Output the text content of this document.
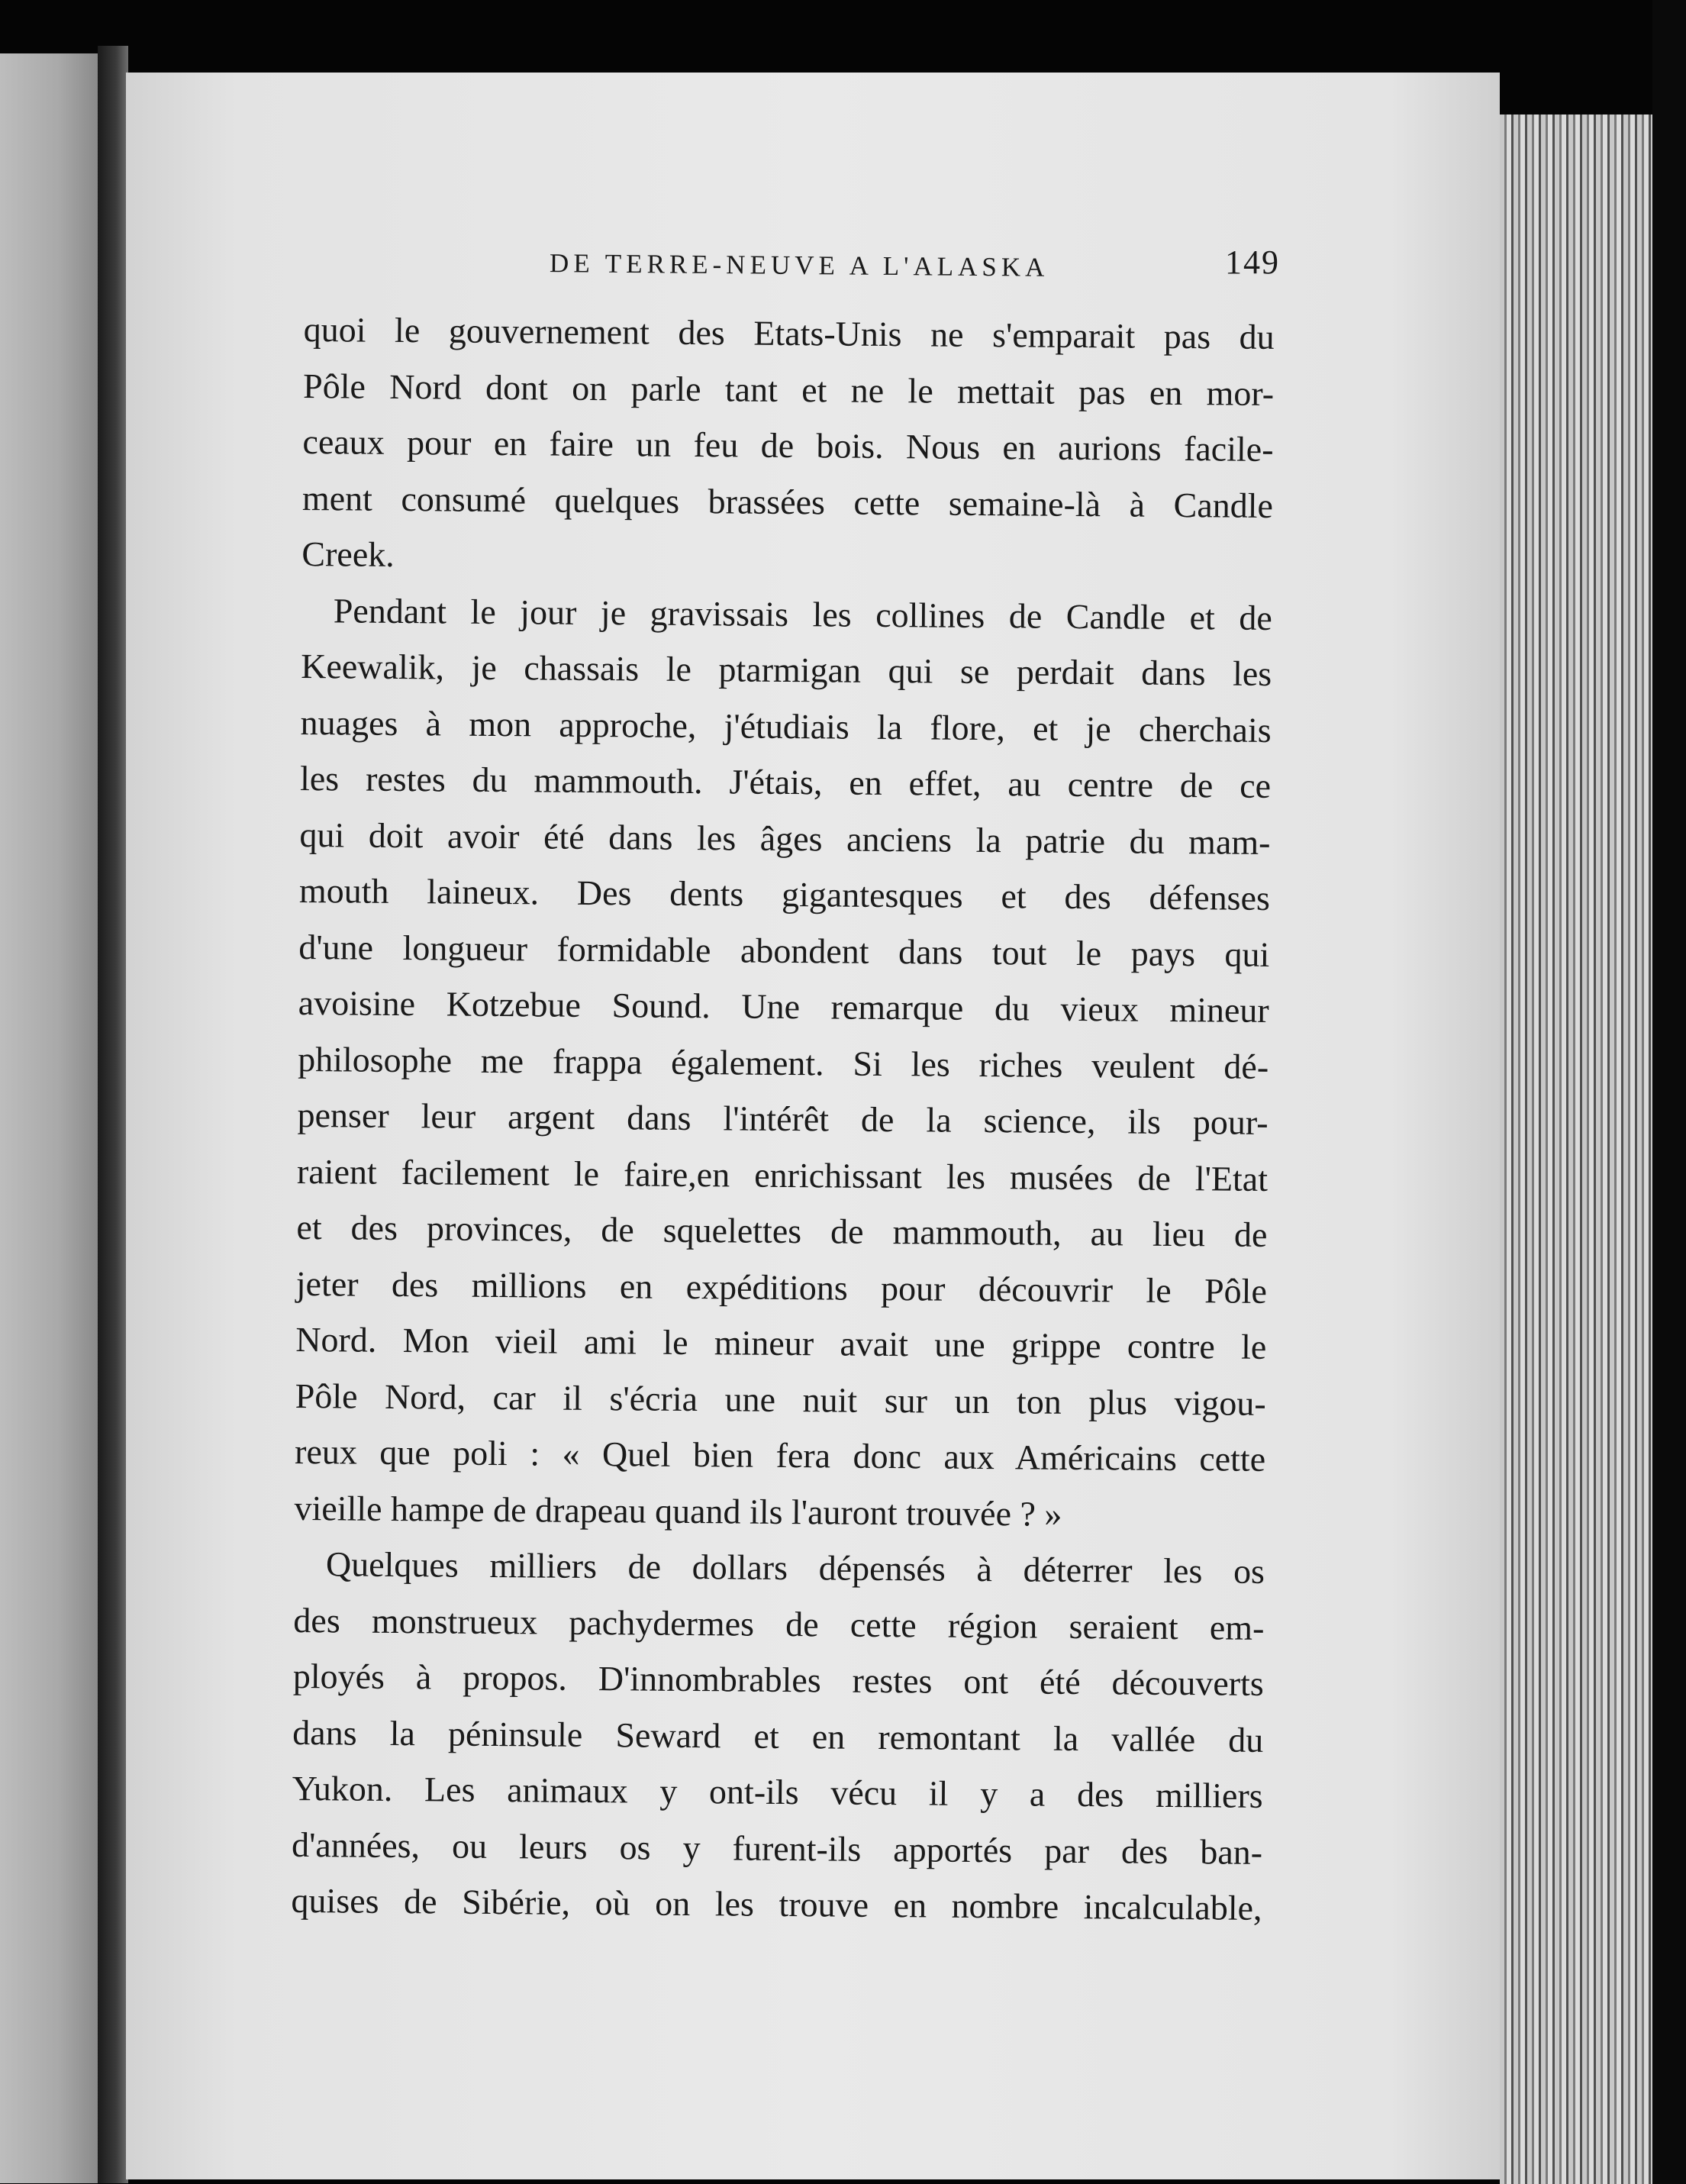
DE TERRE-NEUVE A L'ALASKA	149
quoi le gouvernement des Etats-Unis ne s'emparait pas du
Pôle Nord dont on parle tant et ne le mettait pas en mor-
ceaux pour en faire un feu de bois. Nous en aurions facile-
ment consumé quelques brassées cette semaine-là à Candle
Creek.
Pendant le jour je gravissais les collines de Candle et de
Keewalik, je chassais le ptarmigan qui se perdait dans les
nuages à mon approche, j'étudiais la flore, et je cherchais
les restes du mammouth. J'étais, en effet, au centre de ce
qui doit avoir été dans les âges anciens la patrie du mam-
mouth laineux. Des dents gigantesques et des défenses
d'une longueur formidable abondent dans tout le pays qui
avoisine Kotzebue Sound. Une remarque du vieux mineur
philosophe me frappa également. Si les riches veulent dé-
penser leur argent dans l'intérêt de la science, ils pour-
raient facilement le faire,en enrichissant les musées de l'Etat
et des provinces, de squelettes de mammouth, au lieu de
jeter des millions en expéditions pour découvrir le Pôle
Nord. Mon vieil ami le mineur avait une grippe contre le
Pôle Nord, car il s'écria une nuit sur un ton plus vigou-
reux que poli : « Quel bien fera donc aux Américains cette
vieille hampe de drapeau quand ils l'auront trouvée ? »
Quelques milliers de dollars dépensés à déterrer les os
des monstrueux pachydermes de cette région seraient em-
ployés à propos. D'innombrables restes ont été découverts
dans la péninsule Seward et en remontant la vallée du
Yukon. Les animaux y ont-ils vécu il y a des milliers
d'années, ou leurs os y furent-ils apportés par des ban-
quises de Sibérie, où on les trouve en nombre incalculable,
